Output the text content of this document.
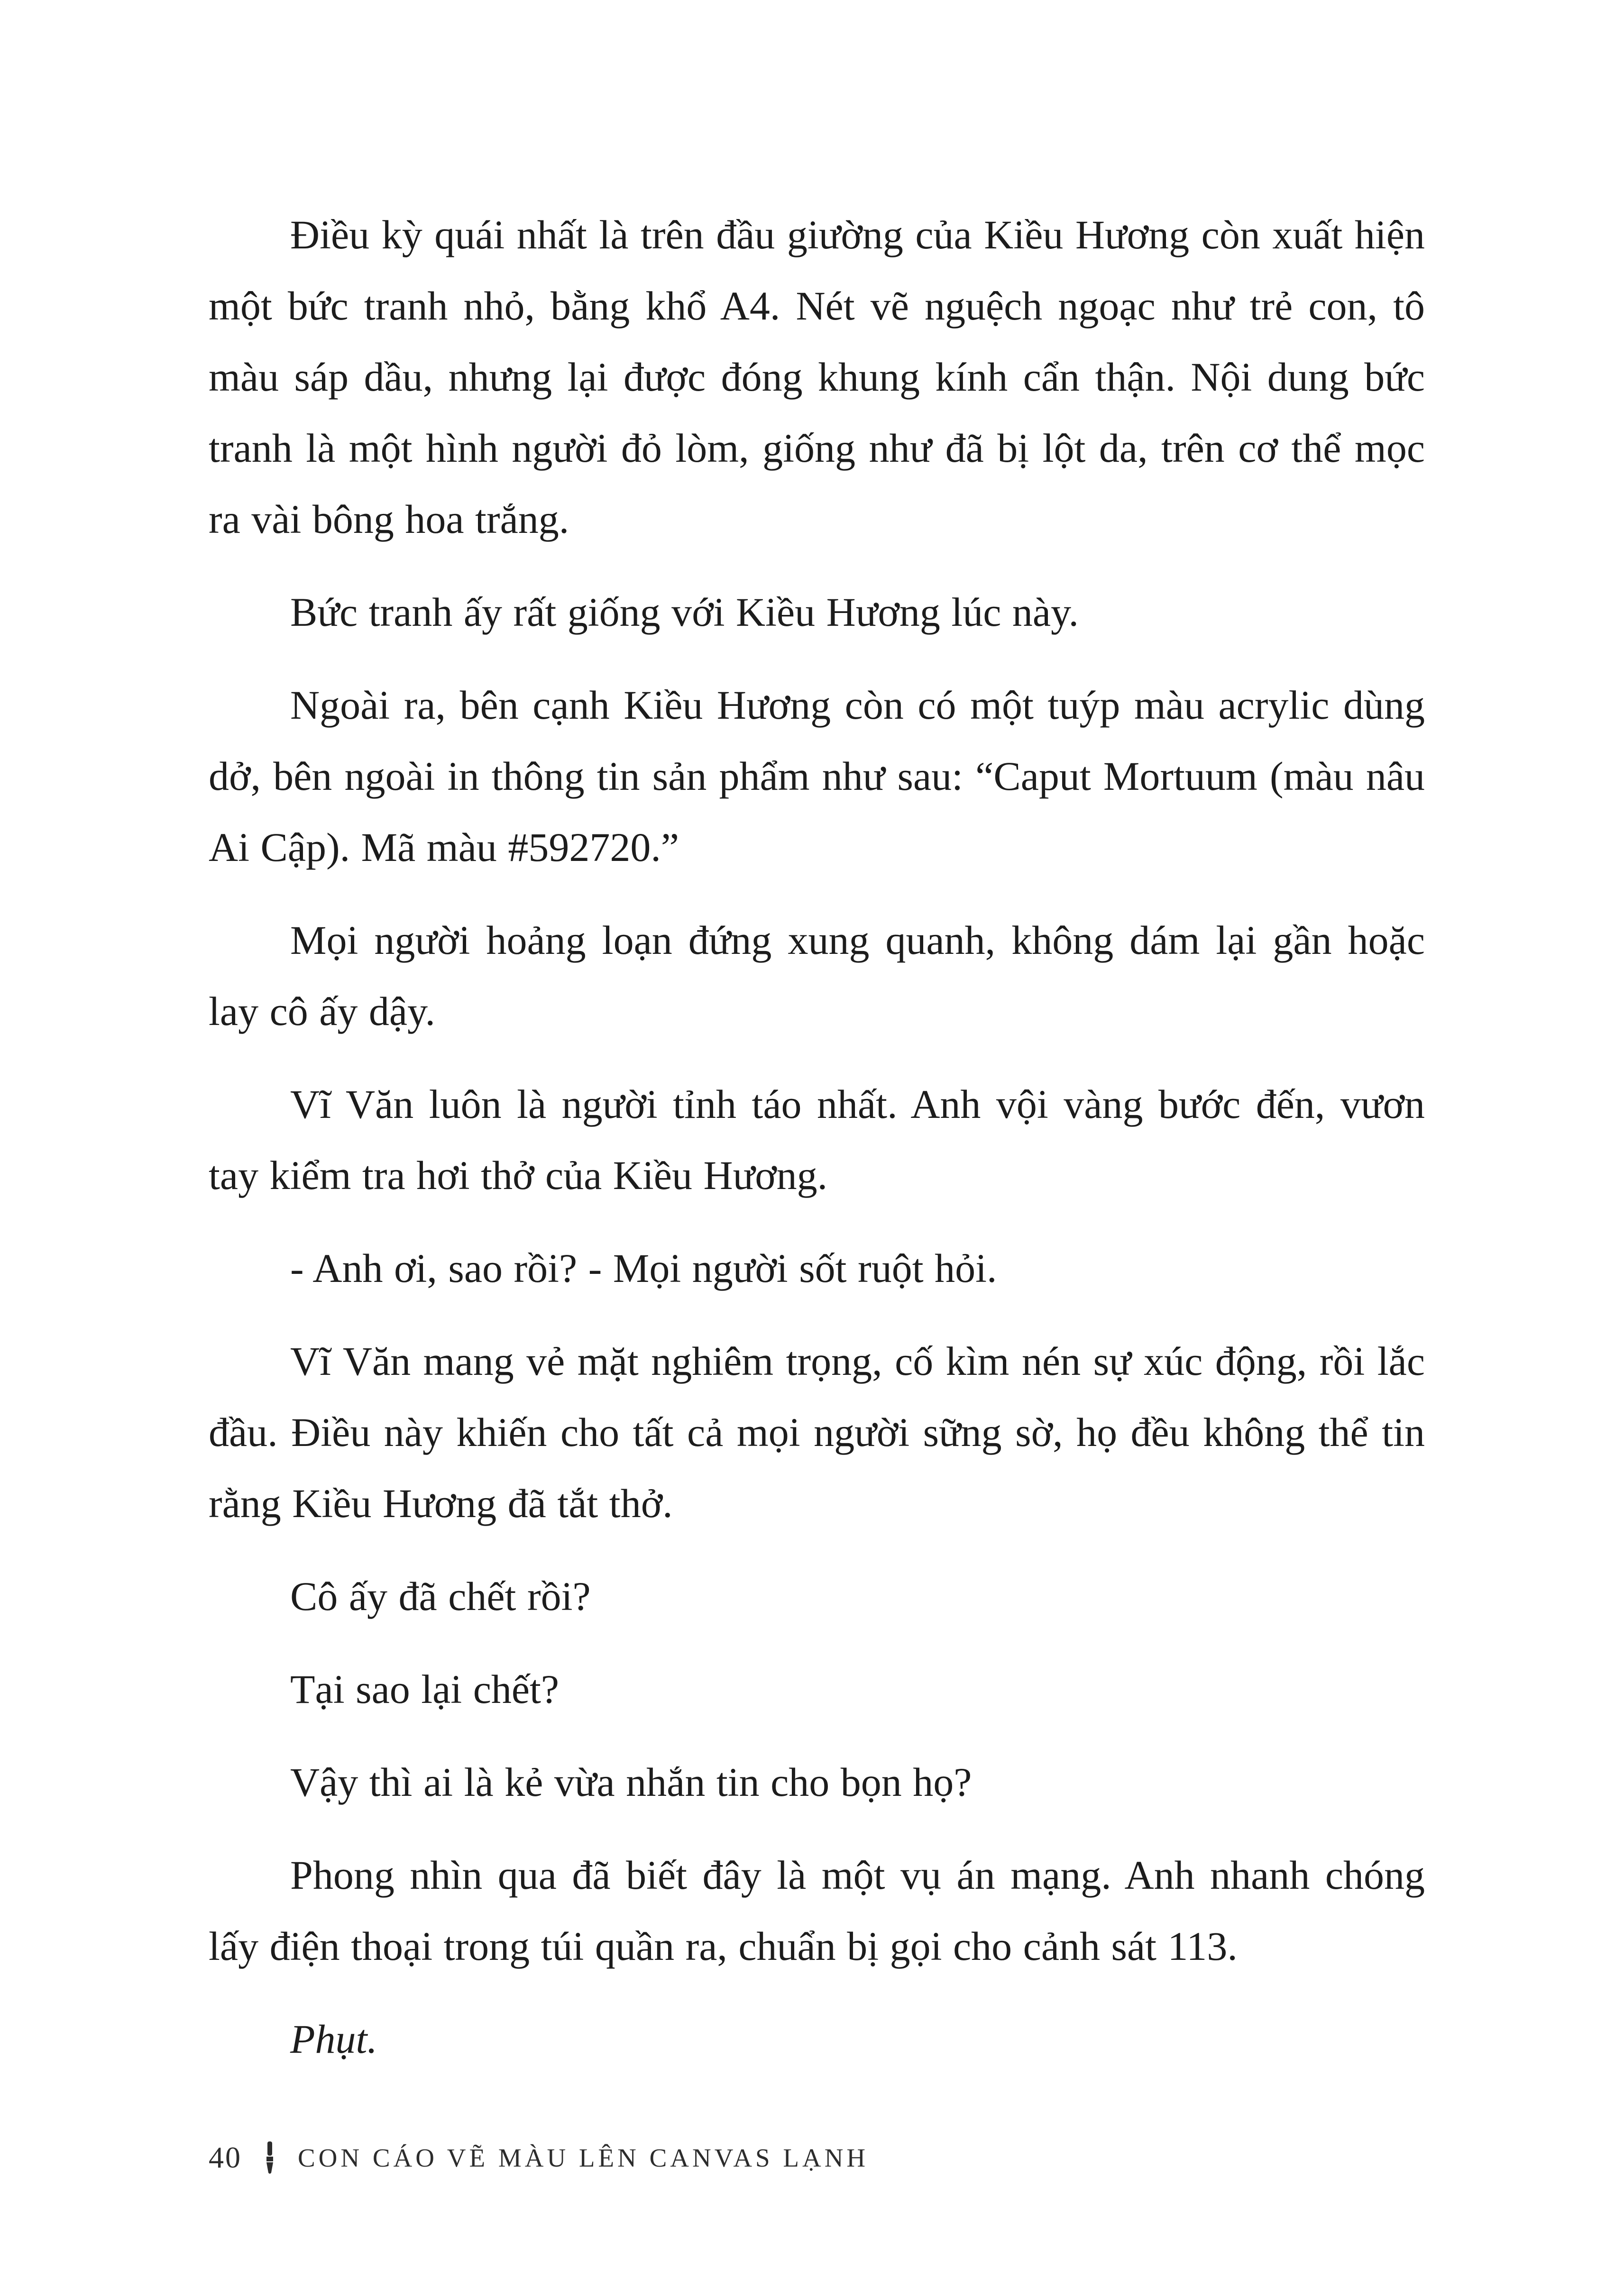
Điều kỳ quái nhất là trên đầu giường của Kiều Hương còn xuất hiện một bức tranh nhỏ, bằng khổ A4. Nét vẽ nguệch ngoạc như trẻ con, tô màu sáp dầu, nhưng lại được đóng khung kính cẩn thận. Nội dung bức tranh là một hình người đỏ lòm, giống như đã bị lột da, trên cơ thể mọc ra vài bông hoa trắng.

Bức tranh ấy rất giống với Kiều Hương lúc này.

Ngoài ra, bên cạnh Kiều Hương còn có một tuýp màu acrylic dùng dở, bên ngoài in thông tin sản phẩm như sau: “Caput Mortuum (màu nâu Ai Cập). Mã màu #592720.”

Mọi người hoảng loạn đứng xung quanh, không dám lại gần hoặc lay cô ấy dậy.

Vĩ Văn luôn là người tỉnh táo nhất. Anh vội vàng bước đến, vươn tay kiểm tra hơi thở của Kiều Hương.

- Anh ơi, sao rồi? - Mọi người sốt ruột hỏi.

Vĩ Văn mang vẻ mặt nghiêm trọng, cố kìm nén sự xúc động, rồi lắc đầu. Điều này khiến cho tất cả mọi người sững sờ, họ đều không thể tin rằng Kiều Hương đã tắt thở.

Cô ấy đã chết rồi?

Tại sao lại chết?

Vậy thì ai là kẻ vừa nhắn tin cho bọn họ?

Phong nhìn qua đã biết đây là một vụ án mạng. Anh nhanh chóng lấy điện thoại trong túi quần ra, chuẩn bị gọi cho cảnh sát 113.

Phụt.

40 CON CÁO VẼ MÀU LÊN CANVAS LẠNH
